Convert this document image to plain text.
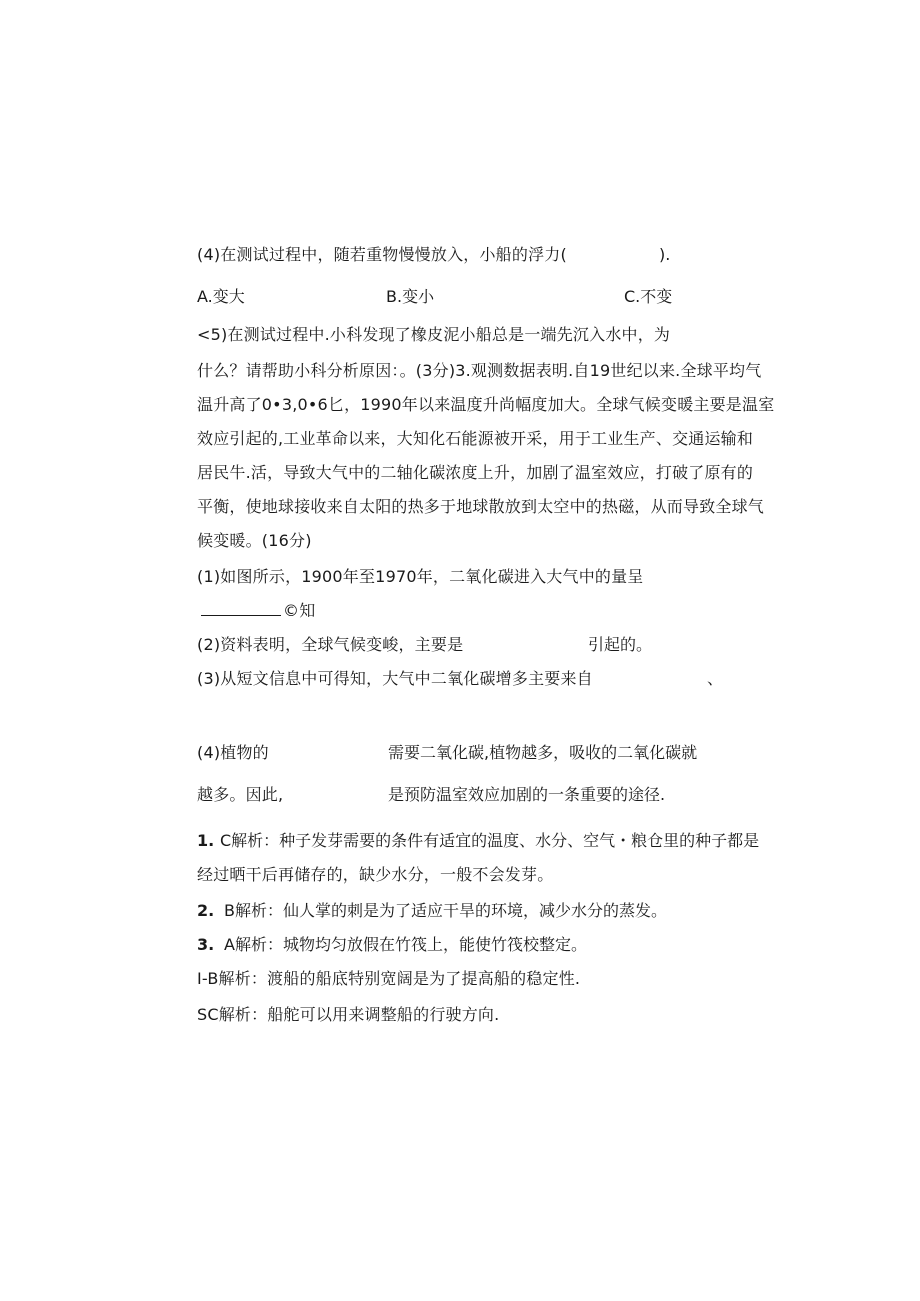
(4)在测试过程中，随若重物慢慢放入，小船的浮力(	).
A.变大	B.变小	C.不变
<5)在测试过程中.小科发现了橡皮泥小船总是一端先沉入水中，为
什么？请帮助小科分析原因：。(3分)3.观测数据表明.自19世纪以来.全球平均气
温升高了0•3,0•6匕，1990年以来温度升尚幅度加大。全球气候变暖主要是温室
效应引起的,工业革命以来，大知化石能源被开采，用于工业生产、交通运输和
居民牛.活，导致大气中的二轴化碳浓度上升，加剧了温室效应，打破了原有的
平衡，使地球接收来自太阳的热多于地球散放到太空中的热磁，从而导致全球气
候变暖。(16分)
(1)如图所示，1900年至1970年，二氧化碳进入大气中的量呈
©知
(2)资料表明，全球气候变峻，主要是	引起的。
(3)从短文信息中可得知，大气中二氧化碳增多主要来自	、
(4)植物的	需要二氧化碳,植物越多，吸收的二氧化碳就
越多。因此,	是预防温室效应加剧的一条重要的途径.
1. C解析：种子发芽需要的条件有适宜的温度、水分、空气・粮仓里的种子都是
经过晒干后再储存的，缺少水分，一般不会发芽。
2. B解析：仙人掌的刺是为了适应干旱的环境，减少水分的蒸发。
3. A解析：城物均匀放假在竹筏上，能使竹筏校整定。
I-B解析：渡船的船底特别宽阔是为了提高船的稳定性.
SC解析：船舵可以用来调整船的行驶方向.
